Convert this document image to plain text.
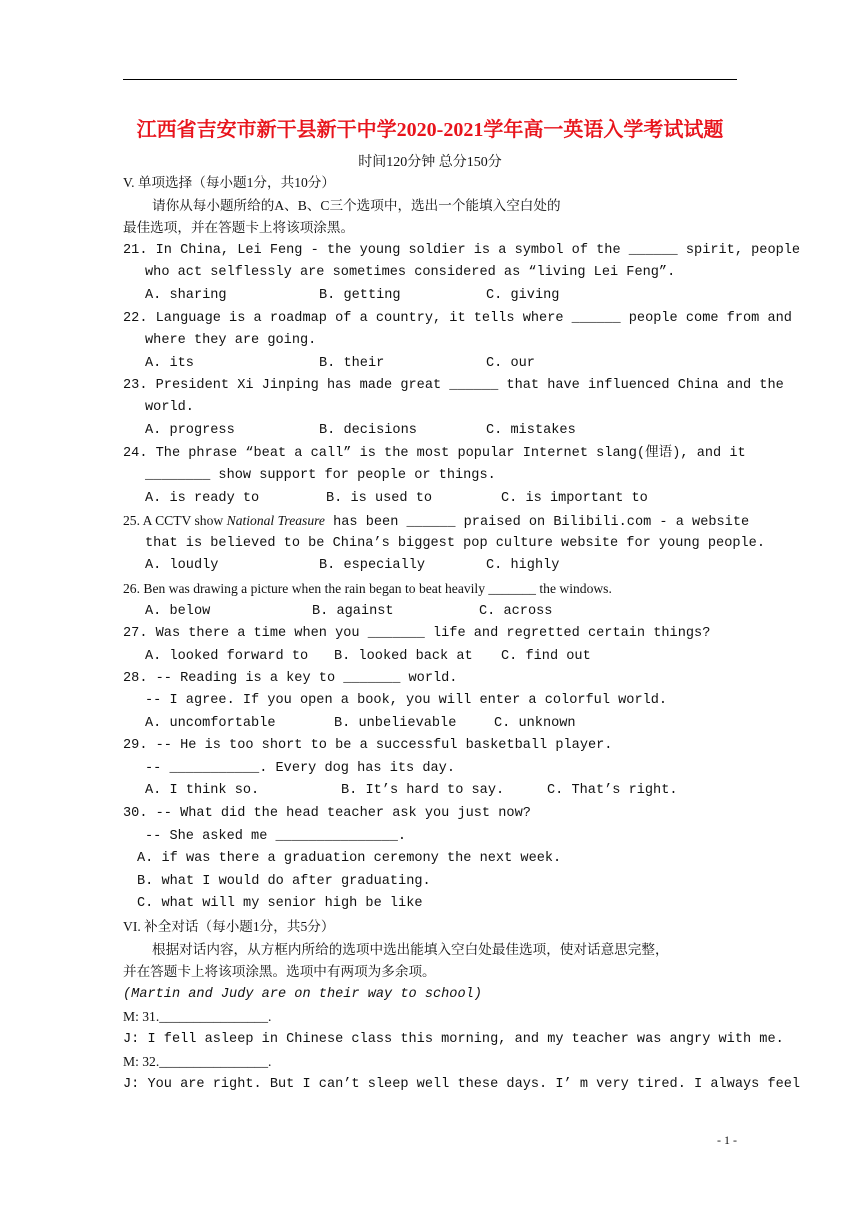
江西省吉安市新干县新干中学2020-2021学年高一英语入学考试试题
时间120分钟 总分150分
V. 单项选择（每小题1分，共10分）
请你从每小题所给的A、B、C三个选项中，选出一个能填入空白处的
最佳选项，并在答题卡上将该项涂黑。
21. In China, Lei Feng - the young soldier is a symbol of the ______ spirit, people
who act selflessly are sometimes considered as “living Lei Feng”.
A. sharing	B. getting	C. giving
22. Language is a roadmap of a country, it tells where ______ people come from and
where they are going.
A. its	B. their	C. our
23. President Xi Jinping has made great ______ that have influenced China and the
world.
A. progress	B. decisions	C. mistakes
24. The phrase “beat a call” is the most popular Internet slang(俚语), and it
________ show support for people or things.
A. is ready to	B. is used to	C. is important to
25. A CCTV show National Treasure has been ______ praised on Bilibili.com - a website
that is believed to be China’s biggest pop culture website for young people.
A. loudly	B. especially	C. highly
26. Ben was drawing a picture when the rain began to beat heavily _______ the windows.
A. below	B. against	C. across
27. Was there a time when you _______ life and regretted certain things?
A. looked forward to B. looked back at C. find out
28. -- Reading is a key to _______ world.
-- I agree. If you open a book, you will enter a colorful world.
A. uncomfortable	B. unbelievable	C. unknown
29. -- He is too short to be a successful basketball player.
-- ___________. Every dog has its day.
A. I think so.	B. It’s hard to say.	C. That’s right.
30. -- What did the head teacher ask you just now?
-- She asked me _______________.
A. if was there a graduation ceremony the next week.
B. what I would do after graduating.
C. what will my senior high be like
VI. 补全对话（每小题1分，共5分）
根据对话内容，从方框内所给的选项中选出能填入空白处最佳选项，使对话意思完整，
并在答题卡上将该项涂黑。选项中有两项为多余项。
(Martin and Judy are on their way to school)
M: 31.________________.
J: I fell asleep in Chinese class this morning, and my teacher was angry with me.
M: 32.________________.
J: You are right. But I can’t sleep well these days. I’ m very tired. I always feel
- 1 -
